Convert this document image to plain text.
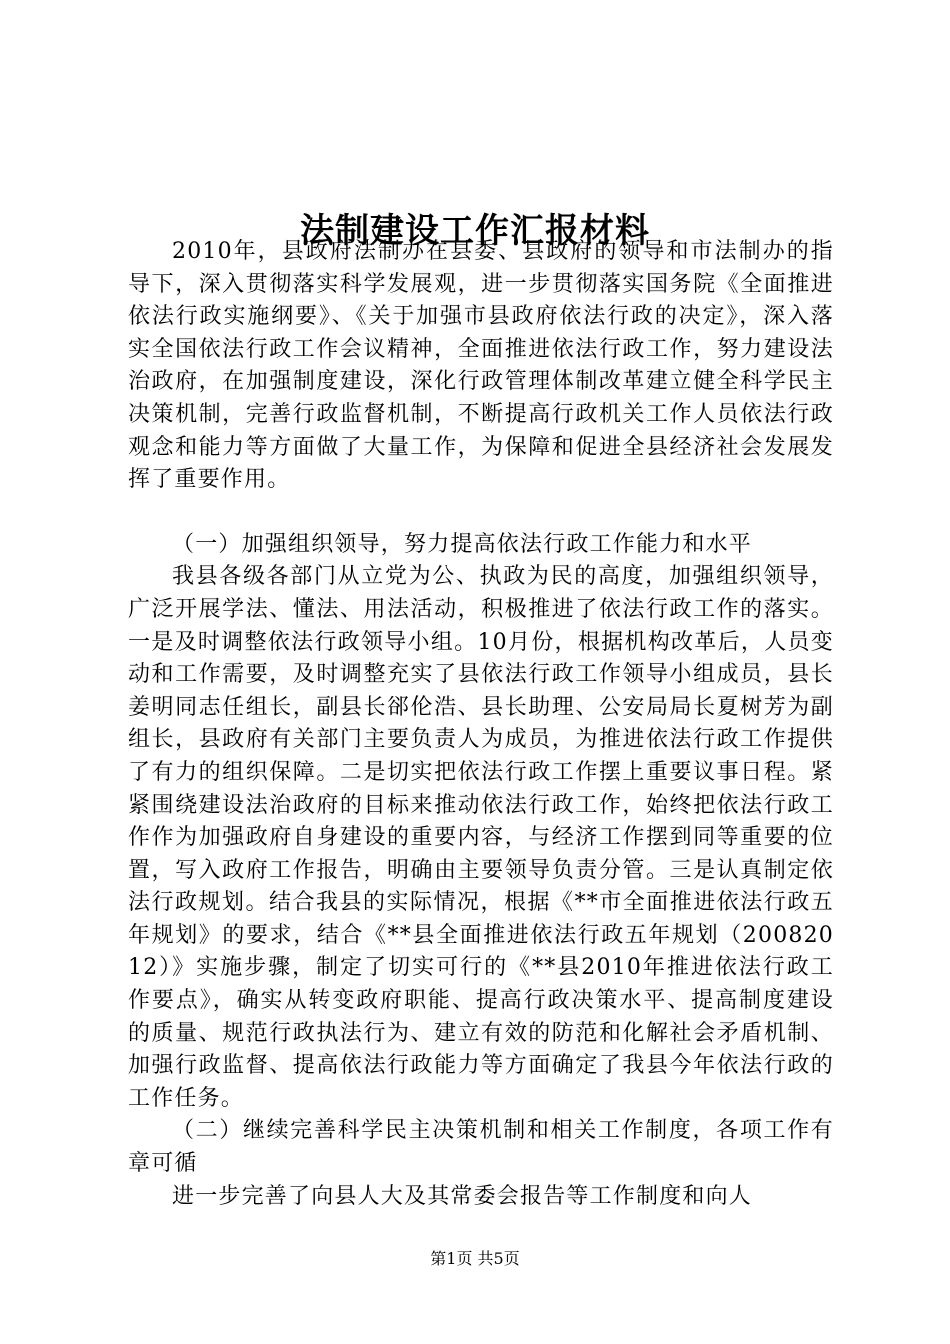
法制建设工作汇报材料

2010年，县政府法制办在县委、县政府的领导和市法制办的指导下，深入贯彻落实科学发展观，进一步贯彻落实国务院《全面推进依法行政实施纲要》、《关于加强市县政府依法行政的决定》，深入落实全国依法行政工作会议精神，全面推进依法行政工作，努力建设法治政府，在加强制度建设，深化行政管理体制改革建立健全科学民主决策机制，完善行政监督机制，不断提高行政机关工作人员依法行政观念和能力等方面做了大量工作，为保障和促进全县经济社会发展发挥了重要作用。

（一）加强组织领导，努力提高依法行政工作能力和水平

我县各级各部门从立党为公、执政为民的高度，加强组织领导，广泛开展学法、懂法、用法活动，积极推进了依法行政工作的落实。一是及时调整依法行政领导小组。10月份，根据机构改革后，人员变动和工作需要，及时调整充实了县依法行政工作领导小组成员，县长姜明同志任组长，副县长郤伦浩、县长助理、公安局局长夏树芳为副组长，县政府有关部门主要负责人为成员，为推进依法行政工作提供了有力的组织保障。二是切实把依法行政工作摆上重要议事日程。紧紧围绕建设法治政府的目标来推动依法行政工作，始终把依法行政工作作为加强政府自身建设的重要内容，与经济工作摆到同等重要的位置，写入政府工作报告，明确由主要领导负责分管。三是认真制定依法行政规划。结合我县的实际情况，根据《**市全面推进依法行政五年规划》的要求，结合《**县全面推进依法行政五年规划（20082012）》实施步骤，制定了切实可行的《**县2010年推进依法行政工作要点》，确实从转变政府职能、提高行政决策水平、提高制度建设的质量、规范行政执法行为、建立有效的防范和化解社会矛盾机制、加强行政监督、提高依法行政能力等方面确定了我县今年依法行政的工作任务。

（二）继续完善科学民主决策机制和相关工作制度，各项工作有章可循

进一步完善了向县人大及其常委会报告等工作制度和向人

第1页 共5页
